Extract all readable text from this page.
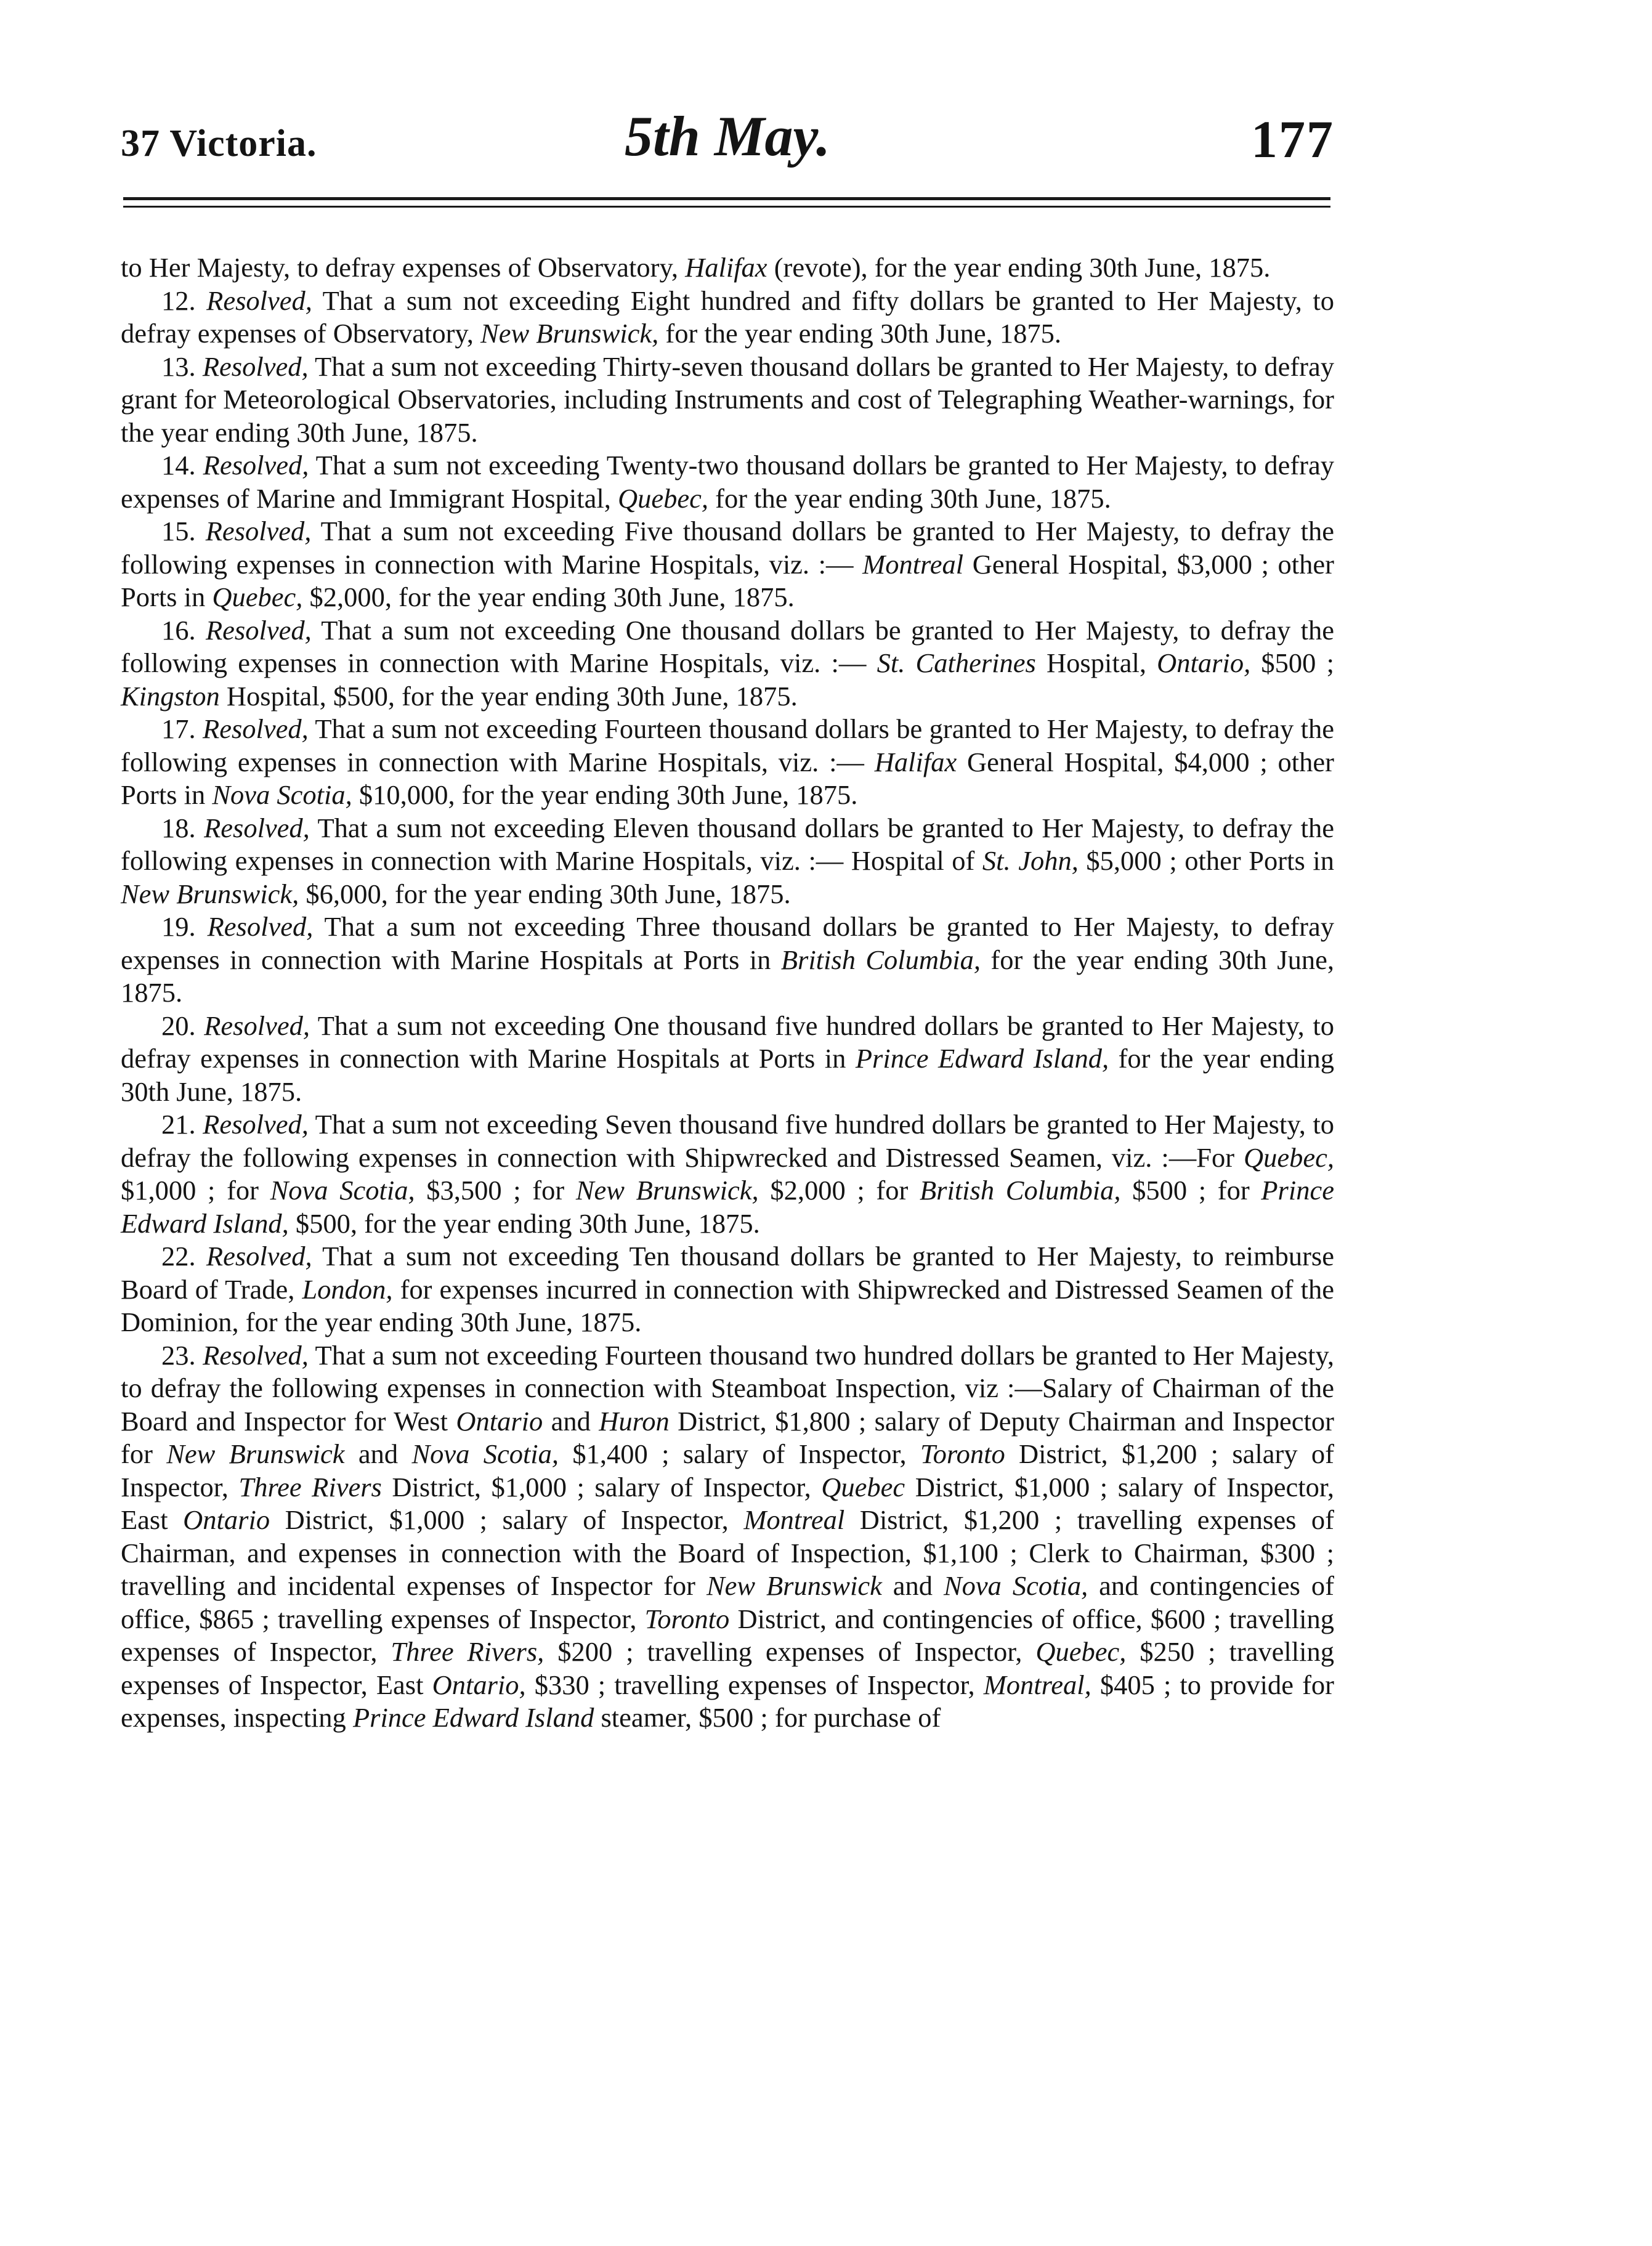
37 Victoria.	5th May.	177

to Her Majesty, to defray expenses of Observatory, Halifax (revote), for the year ending 30th June, 1875.

12. Resolved, That a sum not exceeding Eight hundred and fifty dollars be granted to Her Majesty, to defray expenses of Observatory, New Brunswick, for the year ending 30th June, 1875.

13. Resolved, That a sum not exceeding Thirty-seven thousand dollars be granted to Her Majesty, to defray grant for Meteorological Observatories, including Instruments and cost of Telegraphing Weather-warnings, for the year ending 30th June, 1875.

14. Resolved, That a sum not exceeding Twenty-two thousand dollars be granted to Her Majesty, to defray expenses of Marine and Immigrant Hospital, Quebec, for the year ending 30th June, 1875.

15. Resolved, That a sum not exceeding Five thousand dollars be granted to Her Majesty, to defray the following expenses in connection with Marine Hospitals, viz. :— Montreal General Hospital, $3,000 ; other Ports in Quebec, $2,000, for the year ending 30th June, 1875.

16. Resolved, That a sum not exceeding One thousand dollars be granted to Her Majesty, to defray the following expenses in connection with Marine Hospitals, viz. :— St. Catherines Hospital, Ontario, $500 ; Kingston Hospital, $500, for the year ending 30th June, 1875.

17. Resolved, That a sum not exceeding Fourteen thousand dollars be granted to Her Majesty, to defray the following expenses in connection with Marine Hospitals, viz. :— Halifax General Hospital, $4,000 ; other Ports in Nova Scotia, $10,000, for the year ending 30th June, 1875.

18. Resolved, That a sum not exceeding Eleven thousand dollars be granted to Her Majesty, to defray the following expenses in connection with Marine Hospitals, viz. :— Hospital of St. John, $5,000 ; other Ports in New Brunswick, $6,000, for the year ending 30th June, 1875.

19. Resolved, That a sum not exceeding Three thousand dollars be granted to Her Majesty, to defray expenses in connection with Marine Hospitals at Ports in British Columbia, for the year ending 30th June, 1875.

20. Resolved, That a sum not exceeding One thousand five hundred dollars be granted to Her Majesty, to defray expenses in connection with Marine Hospitals at Ports in Prince Edward Island, for the year ending 30th June, 1875.

21. Resolved, That a sum not exceeding Seven thousand five hundred dollars be granted to Her Majesty, to defray the following expenses in connection with Shipwrecked and Distressed Seamen, viz. :—For Quebec, $1,000 ; for Nova Scotia, $3,500 ; for New Brunswick, $2,000 ; for British Columbia, $500 ; for Prince Edward Island, $500, for the year ending 30th June, 1875.

22. Resolved, That a sum not exceeding Ten thousand dollars be granted to Her Majesty, to reimburse Board of Trade, London, for expenses incurred in connection with Shipwrecked and Distressed Seamen of the Dominion, for the year ending 30th June, 1875.

23. Resolved, That a sum not exceeding Fourteen thousand two hundred dollars be granted to Her Majesty, to defray the following expenses in connection with Steamboat Inspection, viz :—Salary of Chairman of the Board and Inspector for West Ontario and Huron District, $1,800 ; salary of Deputy Chairman and Inspector for New Brunswick and Nova Scotia, $1,400 ; salary of Inspector, Toronto District, $1,200 ; salary of Inspector, Three Rivers District, $1,000 ; salary of Inspector, Quebec District, $1,000 ; salary of Inspector, East Ontario District, $1,000 ; salary of Inspector, Montreal District, $1,200 ; travelling expenses of Chairman, and expenses in connection with the Board of Inspection, $1,100 ; Clerk to Chairman, $300 ; travelling and incidental expenses of Inspector for New Brunswick and Nova Scotia, and contingencies of office, $865 ; travelling expenses of Inspector, Toronto District, and contingencies of office, $600 ; travelling expenses of Inspector, Three Rivers, $200 ; travelling expenses of Inspector, Quebec, $250 ; travelling expenses of Inspector, East Ontario, $330 ; travelling expenses of Inspector, Montreal, $405 ; to provide for expenses, inspecting Prince Edward Island steamer, $500 ; for purchase of
